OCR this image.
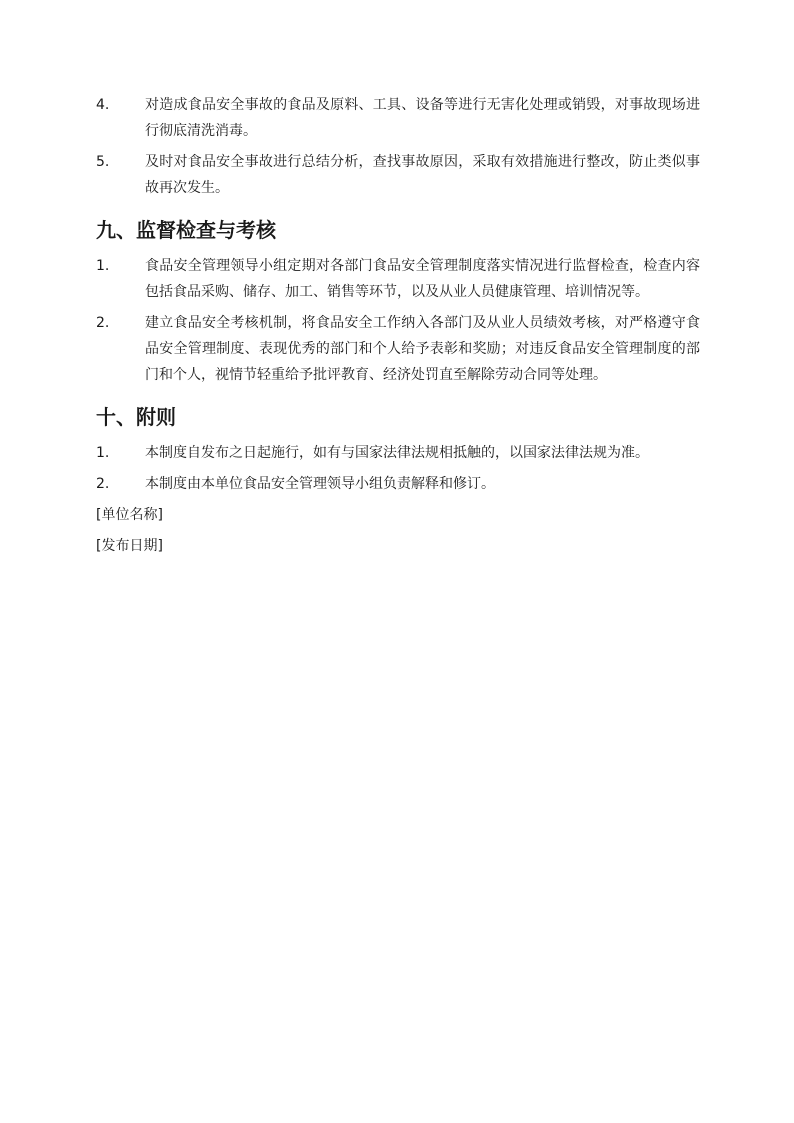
4.	对造成食品安全事故的食品及原料、工具、设备等进行无害化处理或销毁，对事故现场进行彻底清洗消毒。
5.	及时对食品安全事故进行总结分析，查找事故原因，采取有效措施进行整改，防止类似事故再次发生。
九、监督检查与考核
1.	食品安全管理领导小组定期对各部门食品安全管理制度落实情况进行监督检查，检查内容包括食品采购、储存、加工、销售等环节，以及从业人员健康管理、培训情况等。
2.	建立食品安全考核机制，将食品安全工作纳入各部门及从业人员绩效考核，对严格遵守食品安全管理制度、表现优秀的部门和个人给予表彰和奖励；对违反食品安全管理制度的部门和个人，视情节轻重给予批评教育、经济处罚直至解除劳动合同等处理。
十、附则
1.	本制度自发布之日起施行，如有与国家法律法规相抵触的，以国家法律法规为准。
2.	本制度由本单位食品安全管理领导小组负责解释和修订。
[单位名称]
[发布日期]
